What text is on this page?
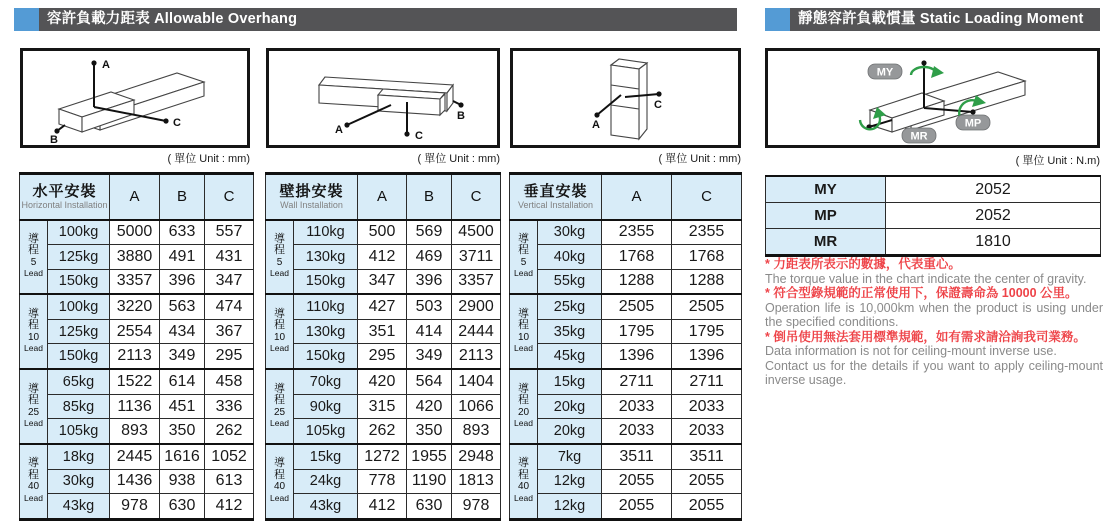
容許負載力距表 Allowable Overhang	靜態容許負載慣量 Static Loading Moment
A
C
B
A
B
C
A
C
MY
MP
MR
( 單位 Unit : mm)	( 單位 Unit : mm)	( 單位 Unit : mm)	( 單位 Unit : N.m)
水平安裝
Horizontal Installation		A	B	C

導
程
5
Lead	100kg	5000	633	557
	125kg	3880	491	431
	150kg	3357	396	347

導
程
10
Lead	100kg	3220	563	474
	125kg	2554	434	367
	150kg	2113	349	295

導
程
25
Lead	65kg	1522	614	458
	85kg	1136	451	336
	105kg	893	350	262

導
程
40
Lead	18kg	2445	1616	1052
	30kg	1436	938	613
	43kg	978	630	412
壁掛安裝
Wall Installation		A	B	C

導
程
5
Lead	110kg	500	569	4500
	130kg	412	469	3711
	150kg	347	396	3357

導
程
10
Lead	110kg	427	503	2900
	130kg	351	414	2444
	150kg	295	349	2113

導
程
25
Lead	70kg	420	564	1404
	90kg	315	420	1066
	105kg	262	350	893

導
程
40
Lead	15kg	1272	1955	2948
	24kg	778	1190	1813
	43kg	412	630	978
垂直安裝
Vertical Installation		A	C

導
程
5
Lead	30kg	2355	2355
	40kg	1768	1768
	55kg	1288	1288

導
程
10
Lead	25kg	2505	2505
	35kg	1795	1795
	45kg	1396	1396

導
程
20
Lead	15kg	2711	2711
	20kg	2033	2033
	20kg	2033	2033

導
程
40
Lead	7kg	3511	3511
	12kg	2055	2055
	12kg	2055	2055
MY	2052
MP	2052
MR	1810

* 力距表所表示的數據，代表重心。

The torque value in the chart indicate the center of gravity.

* 符合型錄規範的正常使用下，保證壽命為 10000 公里。

Operation life is 10,000km when the product is using under the specified conditions.

* 倒吊使用無法套用標準規範，如有需求請洽詢我司業務。

Data information is not for ceiling-mount inverse use.

Contact us for the details if you want to apply ceiling-mount inverse usage.
